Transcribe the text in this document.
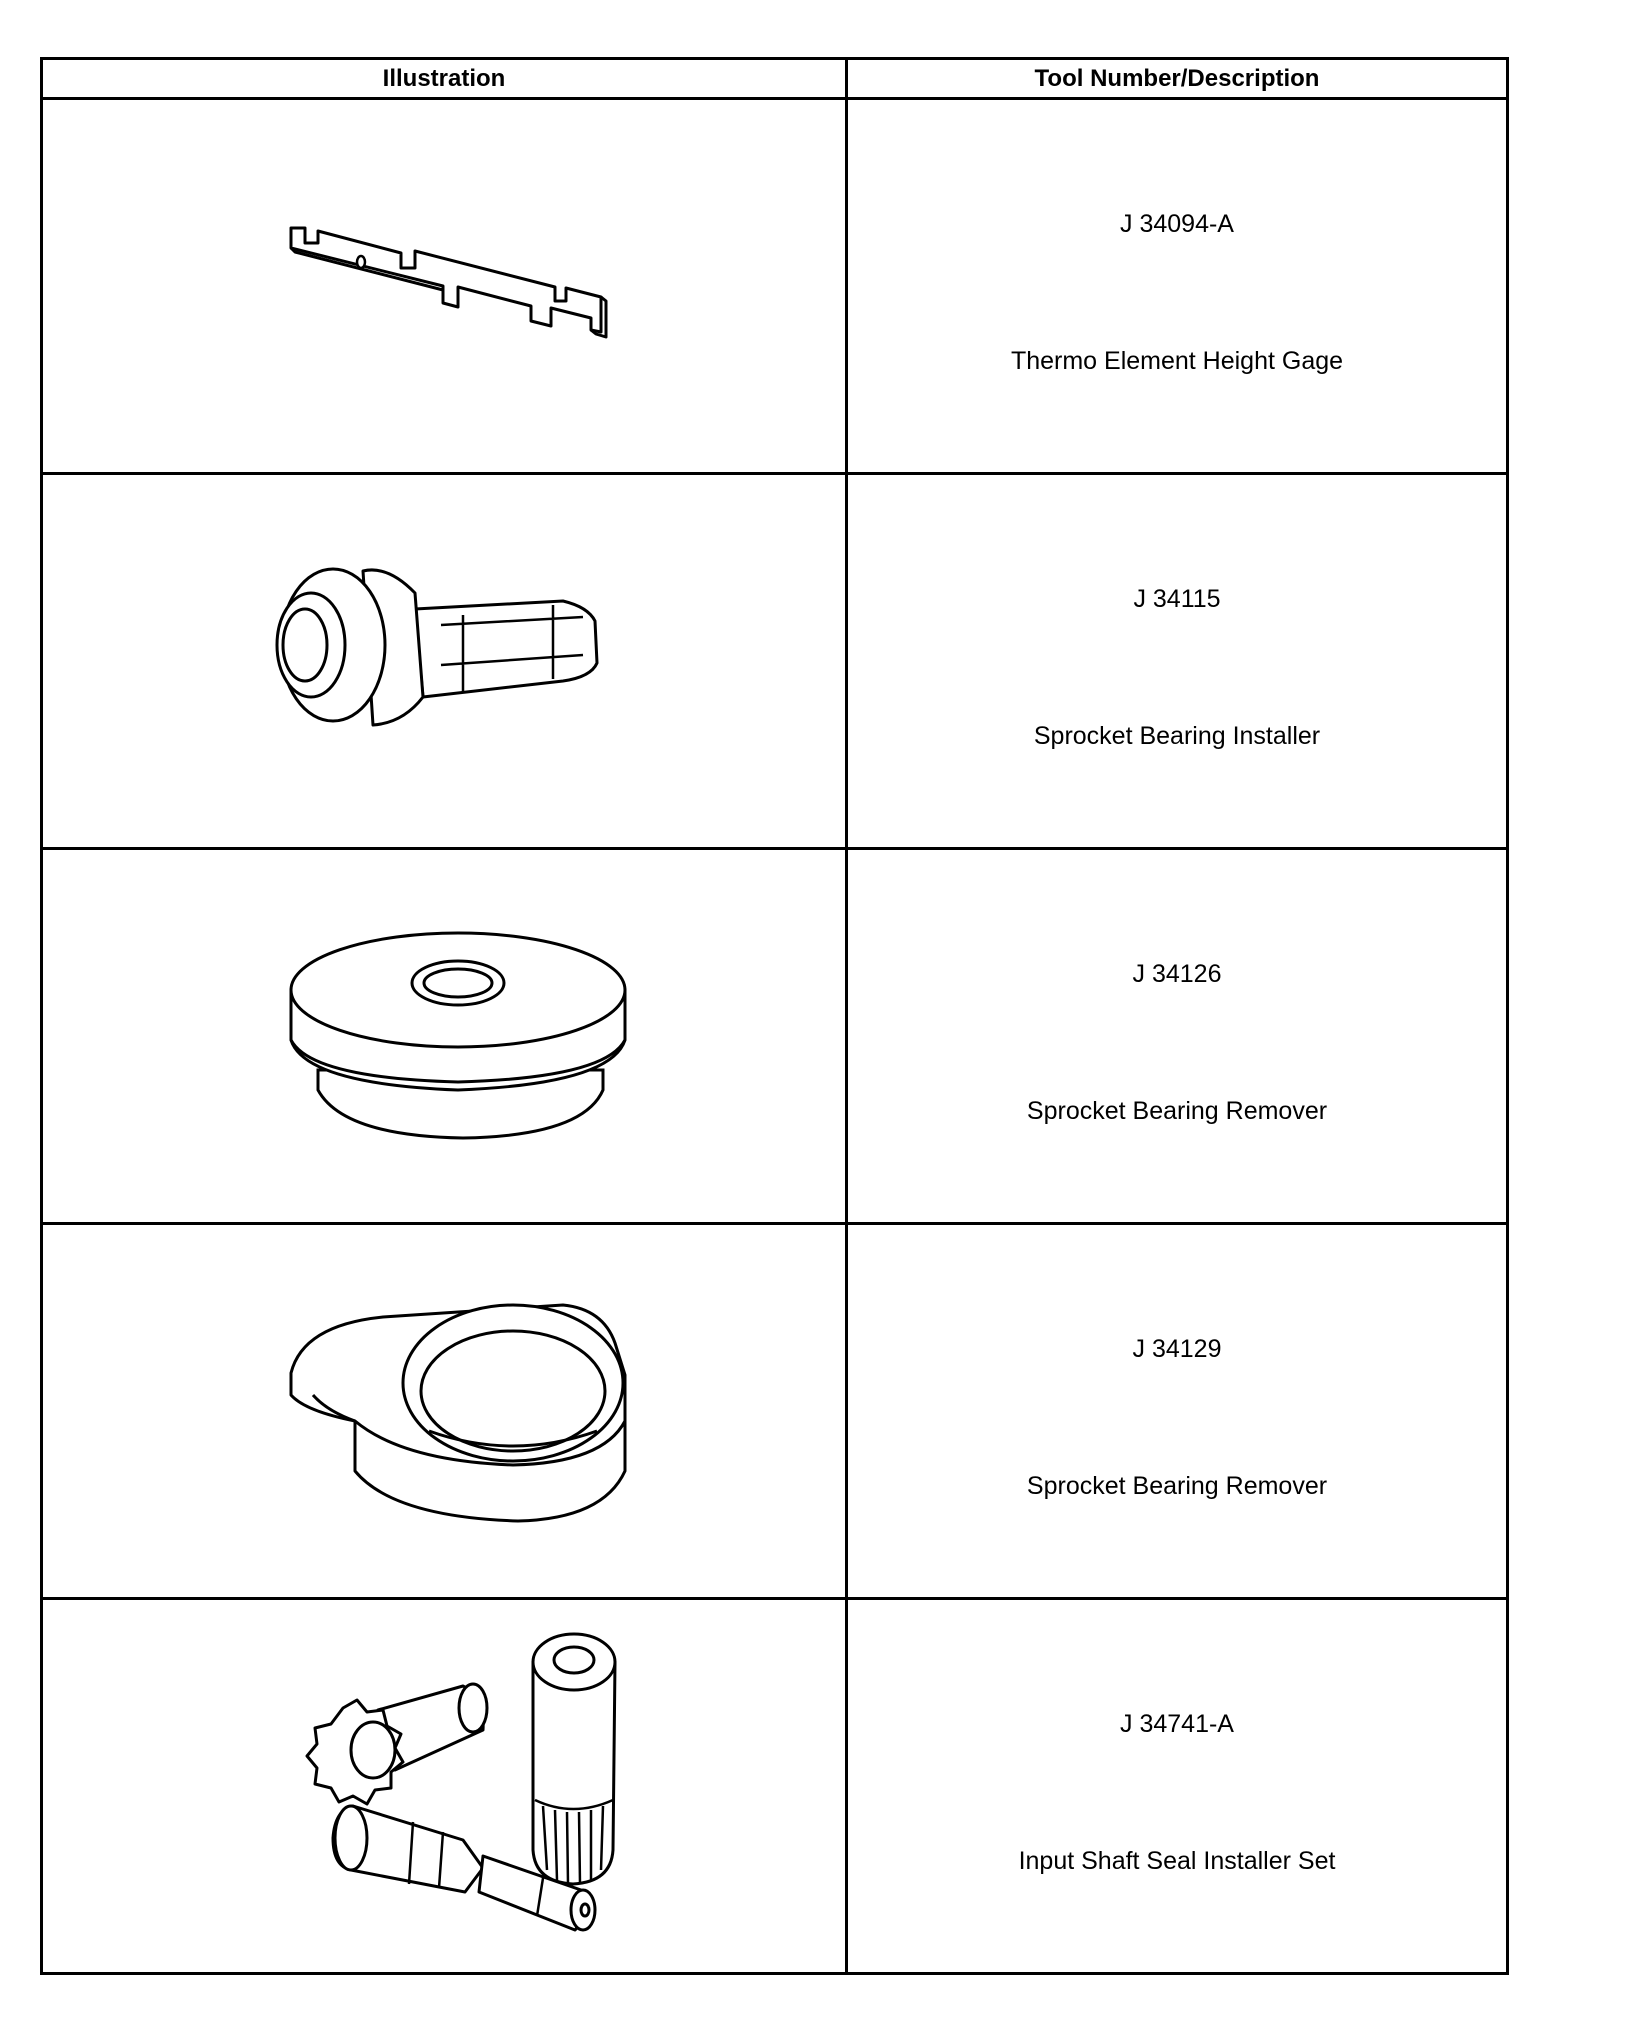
Illustration	Tool Number/Description

J 34094-A
Thermo Element Height Gage

J 34115
Sprocket Bearing Installer

J 34126
Sprocket Bearing Remover

J 34129
Sprocket Bearing Remover

J 34741-A
Input Shaft Seal Installer Set
